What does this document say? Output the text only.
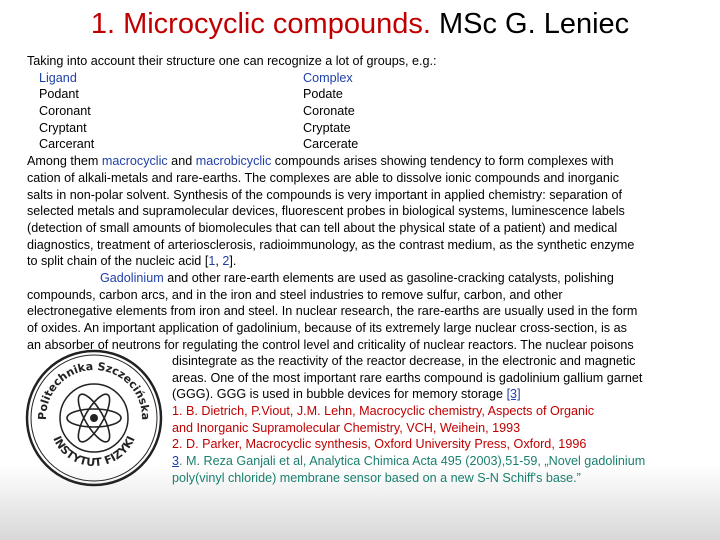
1. Microcyclic compounds. MSc G. Leniec
Taking into account their structure one can recognize a lot of groups, e.g.:
Ligand	Complex
Podant	Podate
Coronant	Coronate
Cryptant	Cryptate
Carcerant	Carcerate
Among them macrocyclic and macrobicyclic compounds arises showing tendency to form complexes with
cation of alkali-metals and rare-earths. The complexes are able to dissolve ionic compounds and inorganic
salts in non-polar solvent. Synthesis of the compounds is very important in applied chemistry: separation of
selected metals and supramolecular devices, fluorescent probes in biological systems, luminescence labels
(detection of small amounts of biomolecules that can tell about the physical state of a patient) and medical
diagnostics, treatment of arteriosclerosis, radioimmunology, as the contrast medium, as the synthetic enzyme
to split chain of the nucleic acid [1, 2].
Gadolinium and other rare-earth elements are used as gasoline-cracking catalysts, polishing
compounds, carbon arcs, and in the iron and steel industries to remove sulfur, carbon, and other
electronegative elements from iron and steel. In nuclear research, the rare-earths are usually used in the form
of oxides. An important application of gadolinium, because of its extremely large nuclear cross-section, is as
an absorber of neutrons for regulating the control level and criticality of nuclear reactors. The nuclear poisons
disintegrate as the reactivity of the reactor decrease, in the electronic and magnetic
areas. One of the most important rare earths compound is gadolinium gallium garnet
(GGG). GGG is used in bubble devices for memory storage [3]
1. B. Dietrich, P.Viout, J.M. Lehn, Macrocyclic chemistry, Aspects of Organic
and Inorganic Supramolecular Chemistry, VCH, Weihein, 1993
2. D. Parker, Macrocyclic synthesis, Oxford University Press, Oxford, 1996
3. M. Reza Ganjali et al, Analytica Chimica Acta 495 (2003),51-59, „Novel gadolinium
poly(vinyl chloride) membrane sensor based on a new S-N Schiff's base.”
Politechnika Szczecińska
INSTYTUT FIZYKI
